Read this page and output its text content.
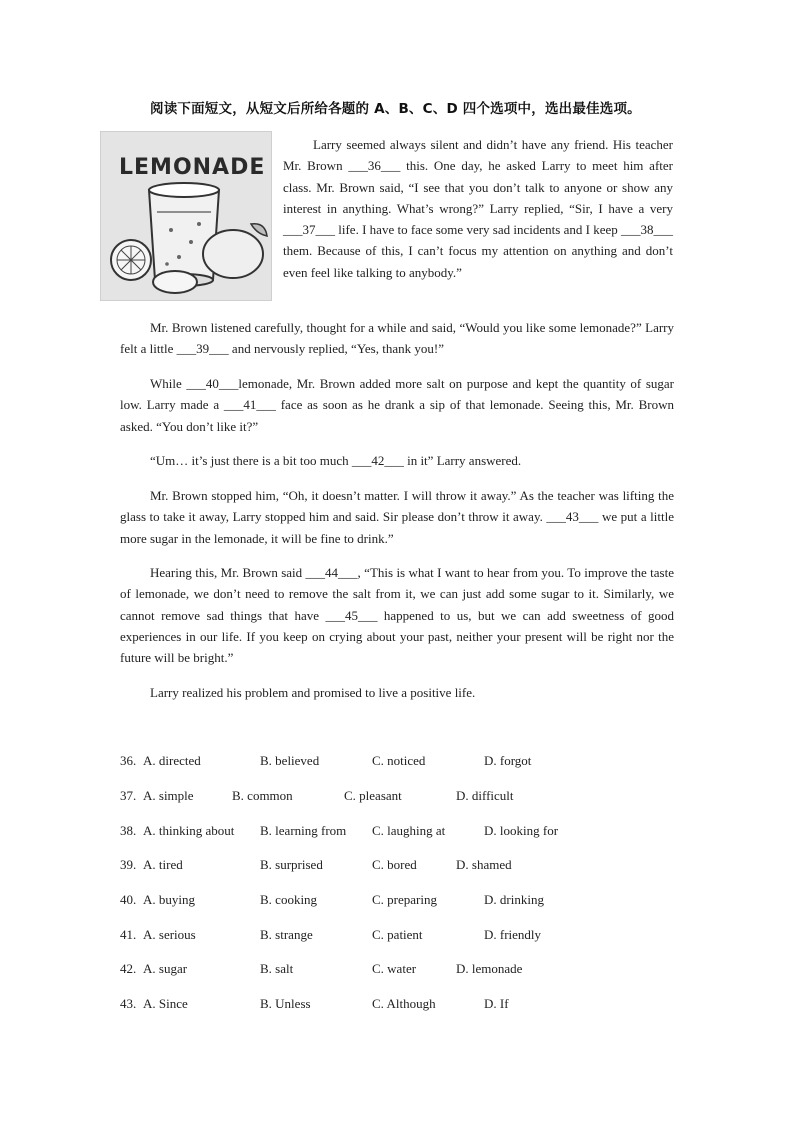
阅读下面短文，从短文后所给各题的 A、B、C、D 四个选项中，选出最佳选项。
LEMONADE

Larry seemed always silent and didn’t have any friend. His teacher Mr. Brown ___36___ this. One day, he asked Larry to meet him after class. Mr. Brown said, “I see that you don’t talk to anyone or show any interest in anything. What’s wrong?” Larry replied, “Sir, I have a very ___37___ life. I have to face some very sad incidents and I keep ___38___ them. Because of this, I can’t focus my attention on anything and don’t even feel like talking to anybody.”

Mr. Brown listened carefully, thought for a while and said, “Would you like some lemonade?” Larry felt a little ___39___ and nervously replied, “Yes, thank you!”

While ___40___lemonade, Mr. Brown added more salt on purpose and kept the quantity of sugar low. Larry made a ___41___ face as soon as he drank a sip of that lemonade. Seeing this, Mr. Brown asked. “You don’t like it?”

“Um… it’s just there is a bit too much ___42___ in it” Larry answered.

Mr. Brown stopped him, “Oh, it doesn’t matter. I will throw it away.” As the teacher was lifting the glass to take it away, Larry stopped him and said. Sir please don’t throw it away. ___43___ we put a little more sugar in the lemonade, it will be fine to drink.”

Hearing this, Mr. Brown said ___44___, “This is what I want to hear from you. To improve the taste of lemonade, we don’t need to remove the salt from it, we can just add some sugar to it. Similarly, we cannot remove sad things that have ___45___ happened to us, but we can add sweetness of good experiences in our life. If you keep on crying about your past, neither your present will be right nor the future will be bright.”

Larry realized his problem and promised to live a positive life.

36. A. directed	B. believed	C. noticed	D. forgot
37. A. simple	B. common	C. pleasant	D. difficult
38. A. thinking about B. learning from C. laughing at	D. looking for
39. A. tired	B. surprised	C. bored	D. shamed
40. A. buying	B. cooking	C. preparing	D. drinking
41. A. serious	B. strange	C. patient	D. friendly
42. A. sugar	B. salt	C. water	D. lemonade
43. A. Since	B. Unless	C. Although	D. If
